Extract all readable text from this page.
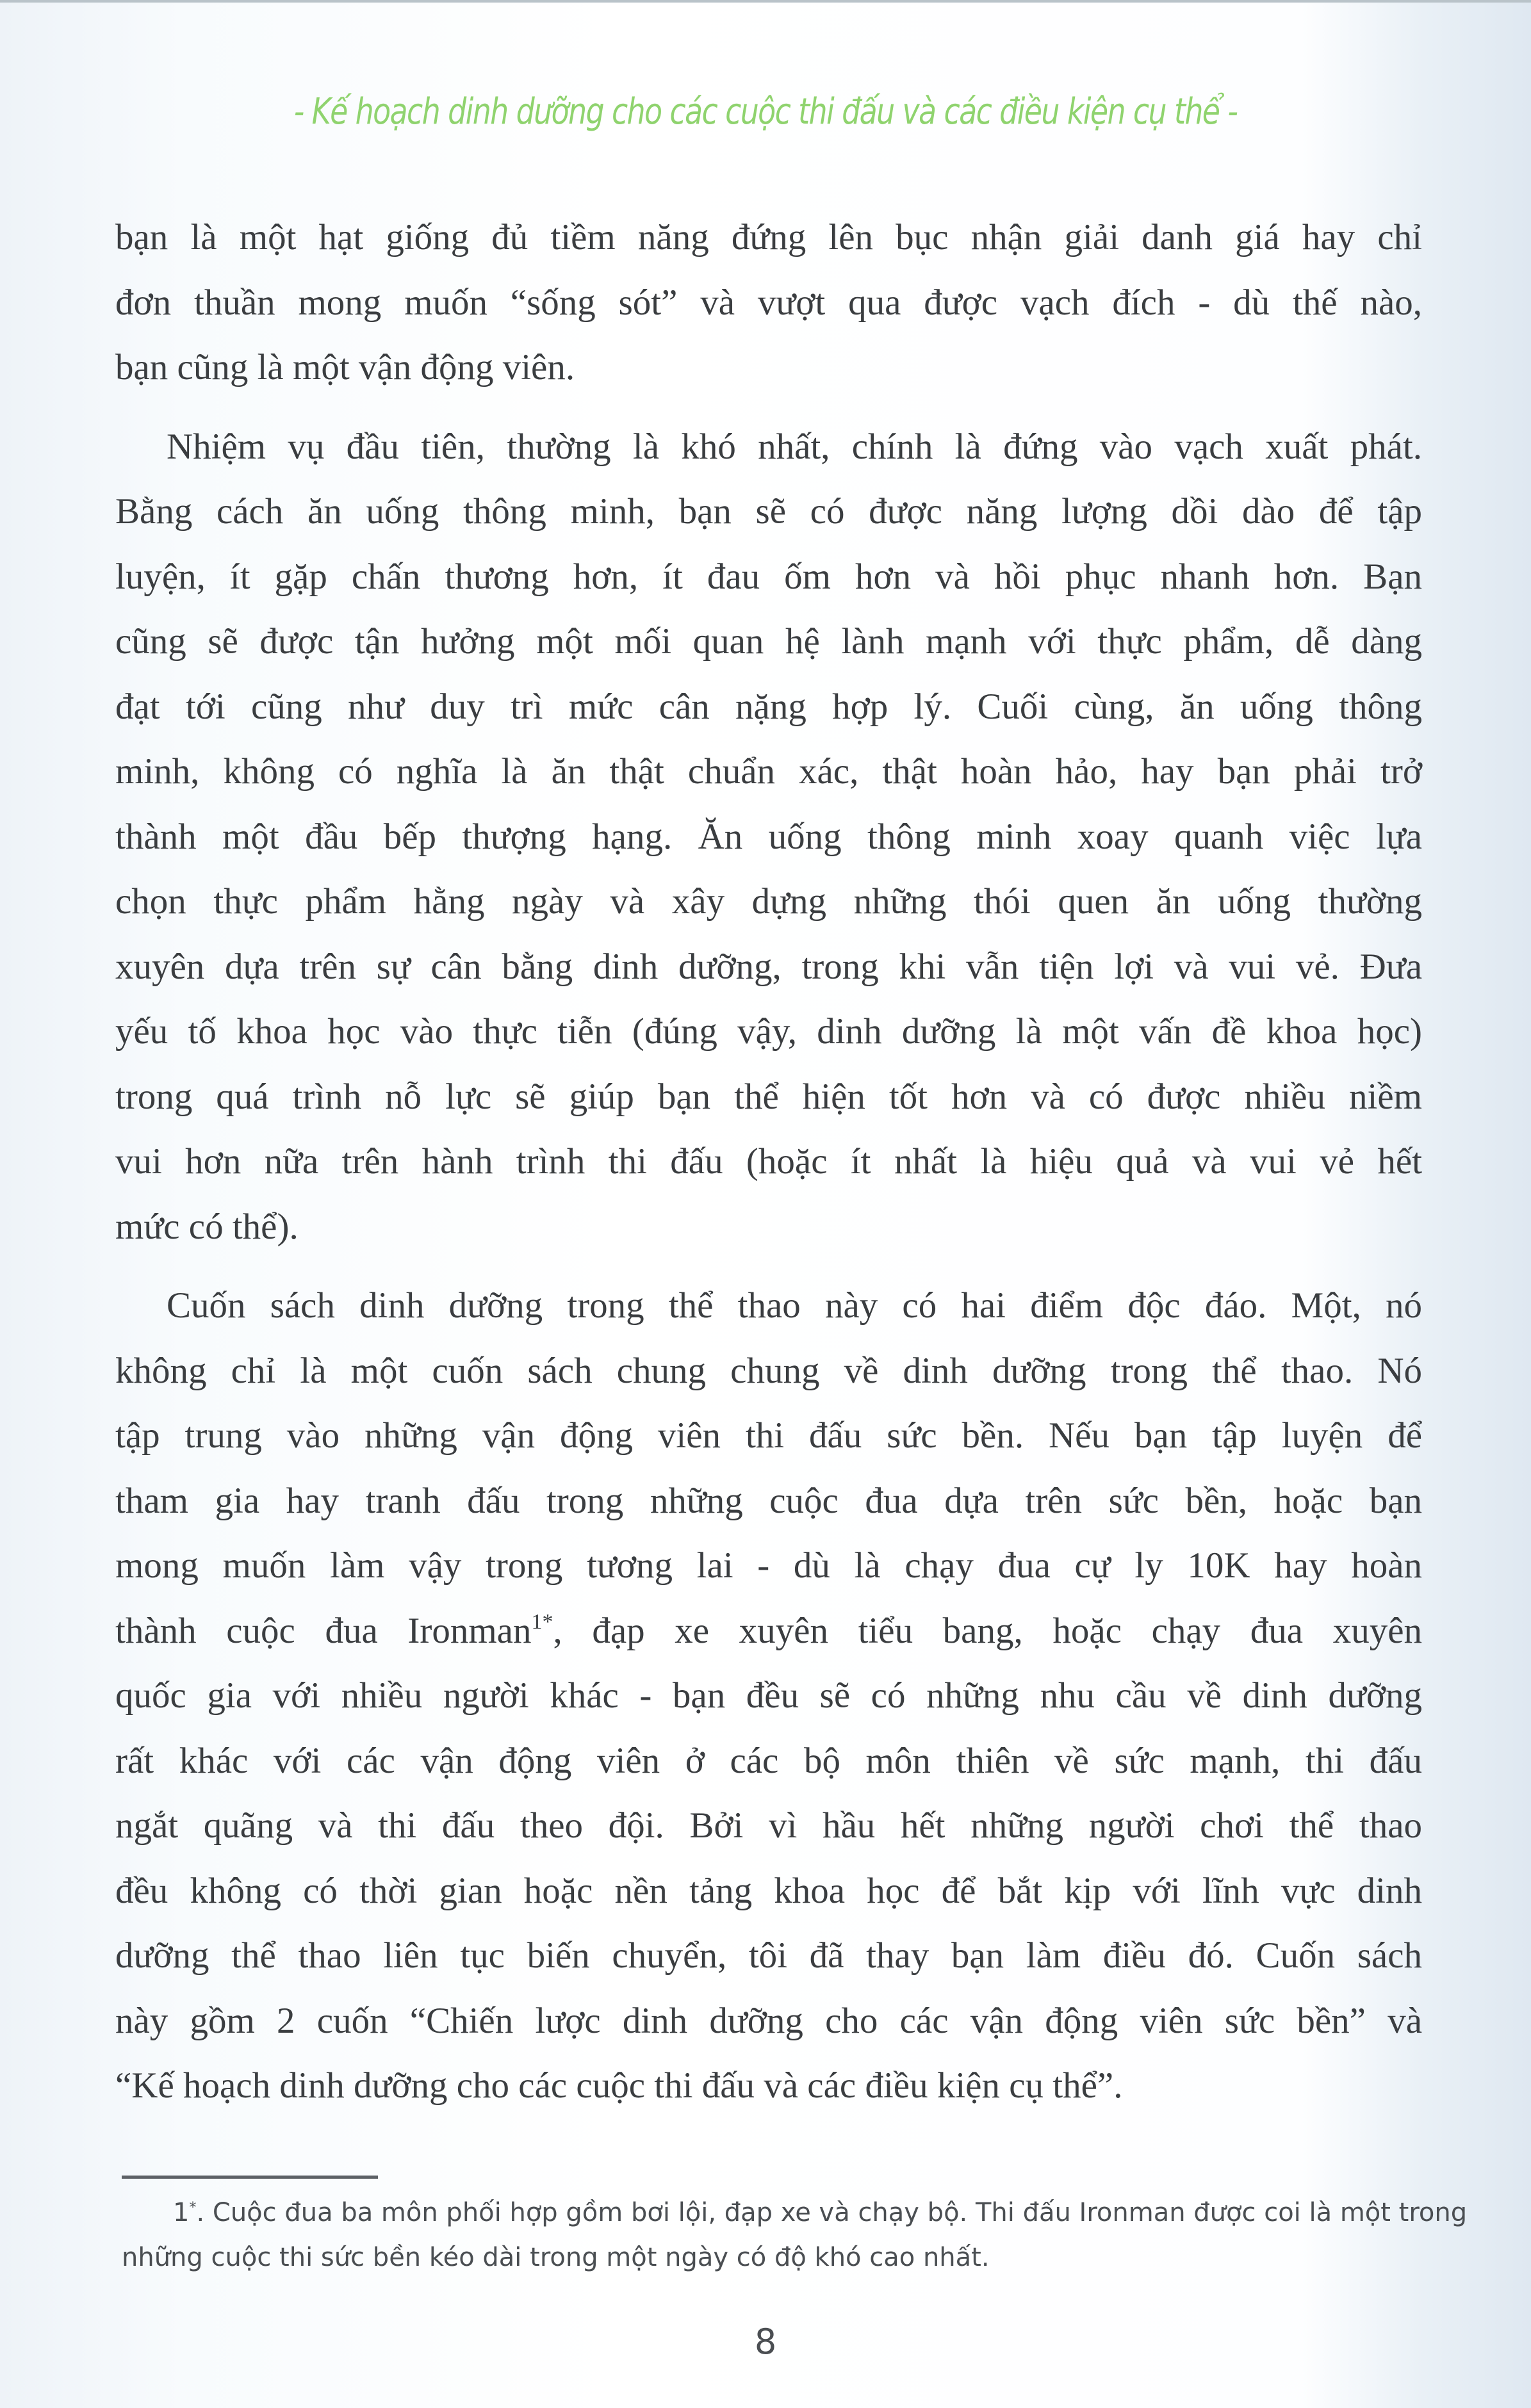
- Kế hoạch dinh dưỡng cho các cuộc thi đấu và các điều kiện cụ thể -

bạn là một hạt giống đủ tiềm năng đứng lên bục nhận giải danh giá hay chỉ
đơn thuần mong muốn “sống sót” và vượt qua được vạch đích - dù thế nào,
bạn cũng là một vận động viên.

Nhiệm vụ đầu tiên, thường là khó nhất, chính là đứng vào vạch xuất phát.
Bằng cách ăn uống thông minh, bạn sẽ có được năng lượng dồi dào để tập
luyện, ít gặp chấn thương hơn, ít đau ốm hơn và hồi phục nhanh hơn. Bạn
cũng sẽ được tận hưởng một mối quan hệ lành mạnh với thực phẩm, dễ dàng
đạt tới cũng như duy trì mức cân nặng hợp lý. Cuối cùng, ăn uống thông
minh, không có nghĩa là ăn thật chuẩn xác, thật hoàn hảo, hay bạn phải trở
thành một đầu bếp thượng hạng. Ăn uống thông minh xoay quanh việc lựa
chọn thực phẩm hằng ngày và xây dựng những thói quen ăn uống thường
xuyên dựa trên sự cân bằng dinh dưỡng, trong khi vẫn tiện lợi và vui vẻ. Đưa
yếu tố khoa học vào thực tiễn (đúng vậy, dinh dưỡng là một vấn đề khoa học)
trong quá trình nỗ lực sẽ giúp bạn thể hiện tốt hơn và có được nhiều niềm
vui hơn nữa trên hành trình thi đấu (hoặc ít nhất là hiệu quả và vui vẻ hết
mức có thể).

Cuốn sách dinh dưỡng trong thể thao này có hai điểm độc đáo. Một, nó
không chỉ là một cuốn sách chung chung về dinh dưỡng trong thể thao. Nó
tập trung vào những vận động viên thi đấu sức bền. Nếu bạn tập luyện để
tham gia hay tranh đấu trong những cuộc đua dựa trên sức bền, hoặc bạn
mong muốn làm vậy trong tương lai - dù là chạy đua cự ly 10K hay hoàn
thành cuộc đua Ironman$^{1*}$, đạp xe xuyên tiểu bang, hoặc chạy đua xuyên
quốc gia với nhiều người khác - bạn đều sẽ có những nhu cầu về dinh dưỡng
rất khác với các vận động viên ở các bộ môn thiên về sức mạnh, thi đấu
ngắt quãng và thi đấu theo đội. Bởi vì hầu hết những người chơi thể thao
đều không có thời gian hoặc nền tảng khoa học để bắt kịp với lĩnh vực dinh
dưỡng thể thao liên tục biến chuyển, tôi đã thay bạn làm điều đó. Cuốn sách
này gồm 2 cuốn “Chiến lược dinh dưỡng cho các vận động viên sức bền” và
“Kế hoạch dinh dưỡng cho các cuộc thi đấu và các điều kiện cụ thể”.

1*. Cuộc đua ba môn phối hợp gồm bơi lội, đạp xe và chạy bộ. Thi đấu Ironman được coi là một trong
những cuộc thi sức bền kéo dài trong một ngày có độ khó cao nhất.
8
